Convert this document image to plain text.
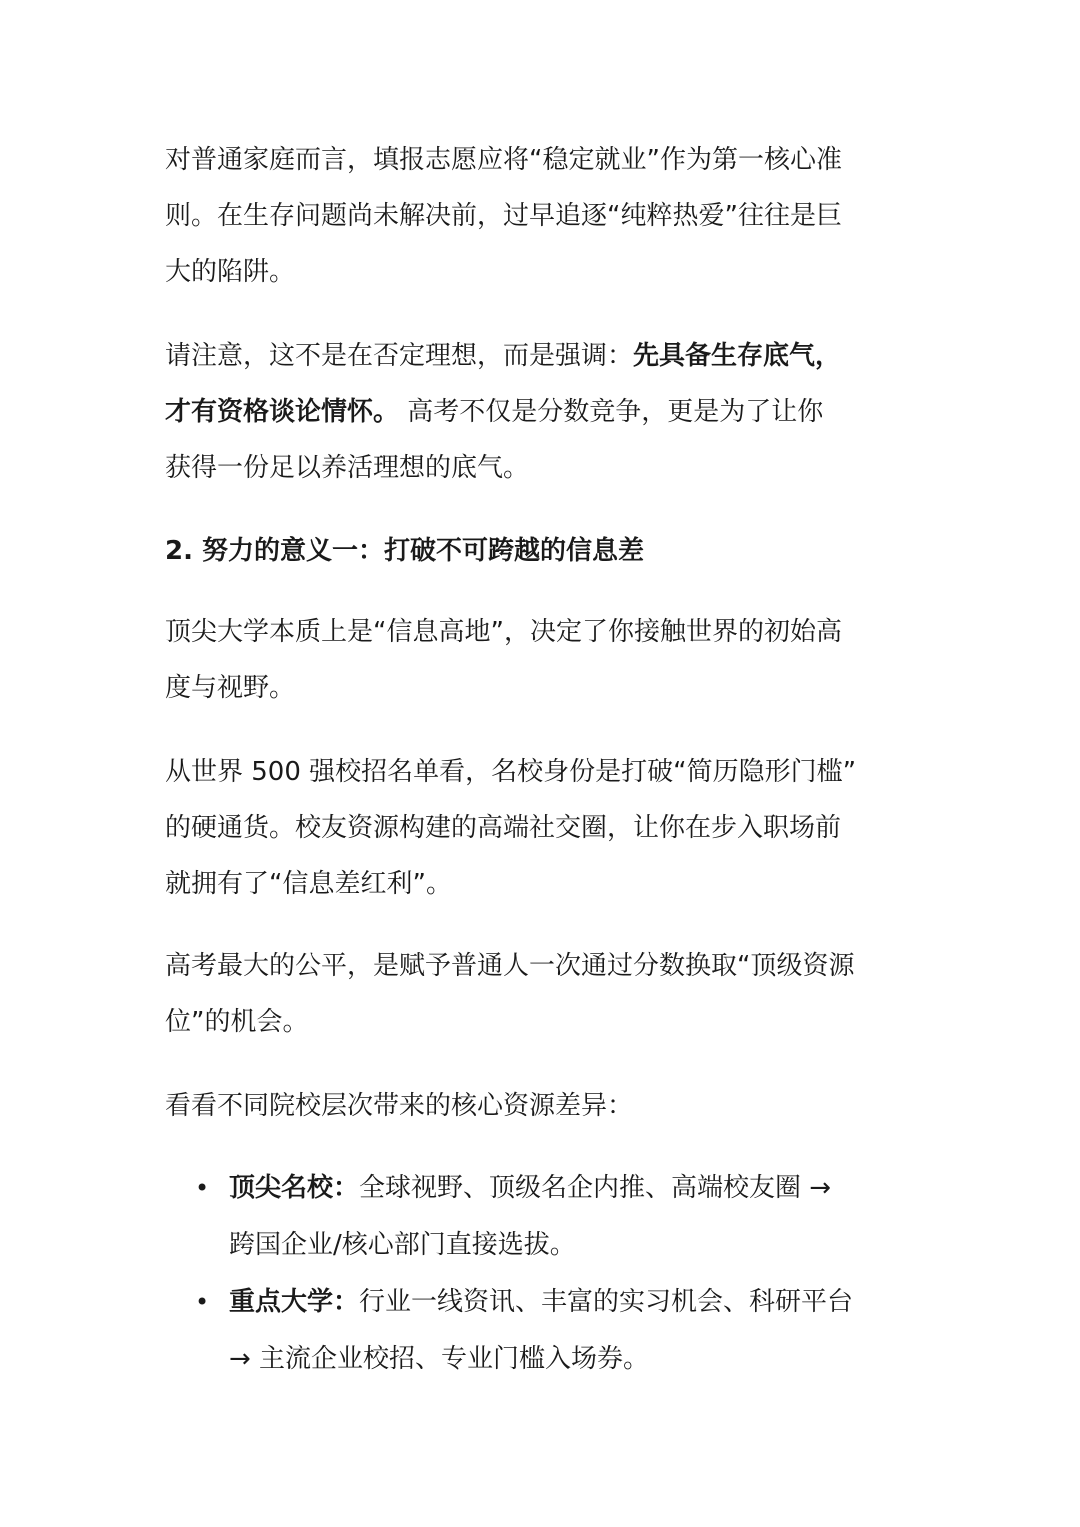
对普通家庭而言，填报志愿应将“稳定就业”作为第一核心准
则。在生存问题尚未解决前，过早追逐“纯粹热爱”往往是巨
大的陷阱。
请注意，这不是在否定理想，而是强调：先具备生存底气，
才有资格谈论情怀。 高考不仅是分数竞争，更是为了让你
获得一份足以养活理想的底气。
2. 努力的意义一：打破不可跨越的信息差
顶尖大学本质上是“信息高地”，决定了你接触世界的初始高
度与视野。
从世界 500 强校招名单看，名校身份是打破“简历隐形门槛”
的硬通货。校友资源构建的高端社交圈，让你在步入职场前
就拥有了“信息差红利”。
高考最大的公平，是赋予普通人一次通过分数换取“顶级资源
位”的机会。
看看不同院校层次带来的核心资源差异：
• 顶尖名校：全球视野、顶级名企内推、高端校友圈 →
跨国企业/核心部门直接选拔。
• 重点大学：行业一线资讯、丰富的实习机会、科研平台
→ 主流企业校招、专业门槛入场券。
